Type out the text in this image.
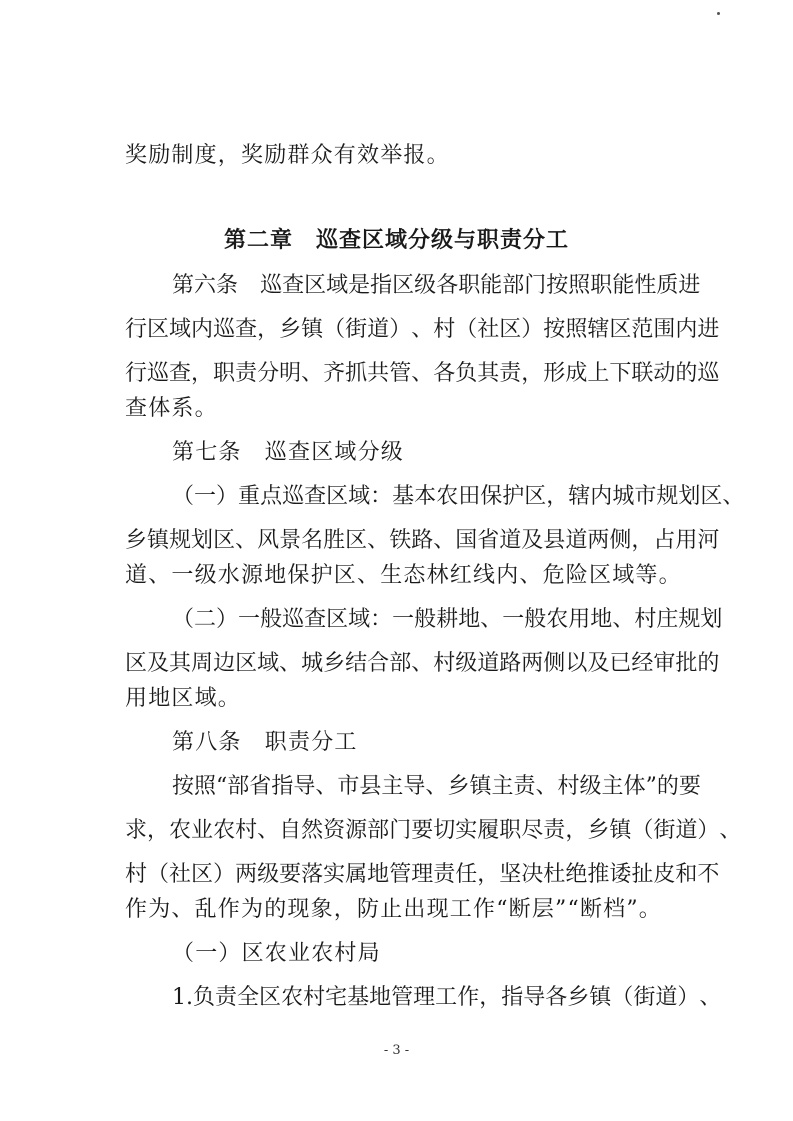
奖励制度，奖励群众有效举报。
第二章　巡查区域分级与职责分工
第 六 条
　 巡 查 区 域 是 指 区 级 各 职 能 部 门 按 照 职 能 性 质 进
行 区 域 内 巡 查 ， 乡 镇 （ 街 道 ） 、 村 （ 社 区 ） 按 照 辖 区 范 围 内 进
行 巡 查 ， 职 责 分 明 、 齐 抓 共 管 、 各 负 其 责 ， 形 成 上 下 联 动 的 巡
查体系。
第七条　巡查区域分级
（ 一 ） 重 点 巡 查 区 域 ： 基 本 农 田 保 护 区 ， 辖 内 城 市 规 划 区 、
乡 镇 规 划 区 、 风 景 名 胜 区 、 铁 路 、 国 省 道 及 县 道 两 侧 ， 占 用 河
道、一级水源地保护区、生态林红线内、危险区域等。
（ 二 ） 一 般 巡 查 区 域 ： 一 般 耕 地 、 一 般 农 用 地 、 村 庄 规 划
区 及 其 周 边 区 域 、 城 乡 结 合 部 、 村 级 道 路 两 侧 以 及 已 经 审 批 的
用地区域。
第八条　职责分工
按 照 “ 部 省 指 导 、 市 县 主 导 、 乡 镇 主 责 、 村 级 主 体 ” 的 要
求 ， 农 业 农 村 、 自 然 资 源 部 门 要 切 实 履 职 尽 责 ， 乡 镇 （ 街 道 ） 、
村 （ 社 区 ） 两 级 要 落 实 属 地 管 理 责 任 ， 坚 决 杜 绝 推 诿 扯 皮 和 不
作为、乱作为的现象，防止出现工作“断层”“断档”。
（一）区农业农村局
1 . 负 责 全 区 农 村 宅 基 地 管 理 工 作 ， 指 导 各 乡 镇 （ 街 道 ） 、
- 3 -
